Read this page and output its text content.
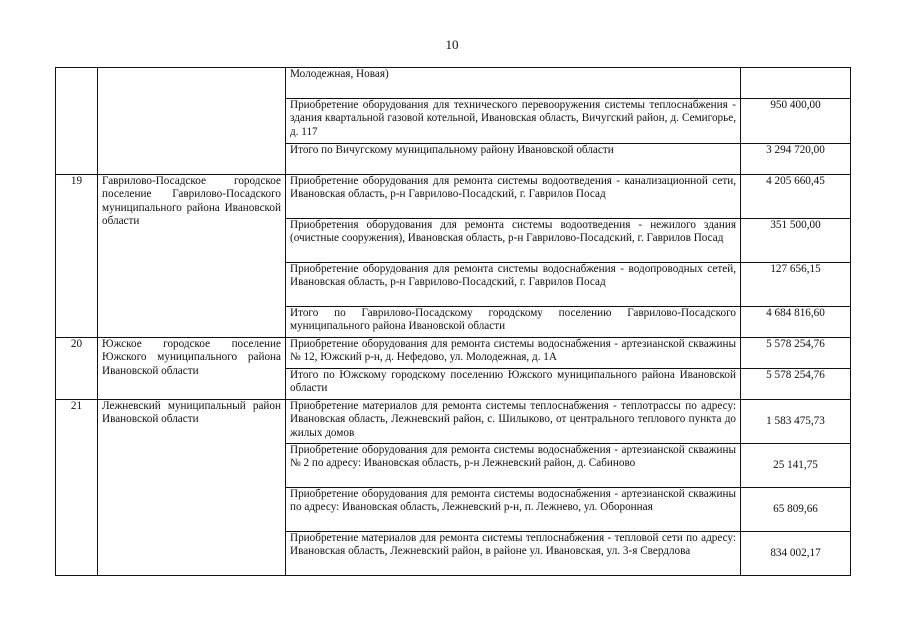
10
		Молодежная, Новая)	
		Приобретение оборудования для технического перевооружения системы теплоснабжения - здания квартальной газовой котельной, Ивановская область, Вичугский район, д. Семигорье, д. 117	950 400,00
		Итого по Вичугскому муниципальному району Ивановской области	3 294 720,00
19	Гаврилово-Посадское городское поселение Гаврилово-Посадского муниципального района Ивановской области	Приобретение оборудования для ремонта системы водоотведения - канализационной сети, Ивановская область, р-н Гаврилово-Посадский, г. Гаврилов Посад	4 205 660,45
		Приобретения оборудования для ремонта системы водоотведения - нежилого здания (очистные сооружения), Ивановская область, р-н Гаврилово-Посадский, г. Гаврилов Посад	351 500,00
		Приобретение оборудования для ремонта системы водоснабжения - водопроводных сетей, Ивановская область, р-н Гаврилово-Посадский, г. Гаврилов Посад	127 656,15
		Итого по Гаврилово-Посадскому городскому поселению Гаврилово-Посадского муниципального района Ивановской области	4 684 816,60
20	Южское городское поселение Южского муниципального района Ивановской области	Приобретение оборудования для ремонта системы водоснабжения - артезианской скважины № 12, Южский р-н, д. Нефедово, ул. Молодежная, д. 1А	5 578 254,76
		Итого по Южскому городскому поселению Южского муниципального района Ивановской области	5 578 254,76
21	Лежневский муниципальный район Ивановской области	Приобретение материалов для ремонта системы теплоснабжения - теплотрассы по адресу: Ивановская область, Лежневский район, с. Шилыково, от центрального теплового пункта до жилых домов	1 583 475,73
		Приобретение оборудования для ремонта системы водоснабжения - артезианской скважины № 2 по адресу: Ивановская область, р-н Лежневский район, д. Сабиново	25 141,75
		Приобретение оборудования для ремонта системы водоснабжения - артезианской скважины по адресу: Ивановская область, Лежневский р-н, п. Лежнево, ул. Оборонная	65 809,66
		Приобретение материалов для ремонта системы теплоснабжения - тепловой сети по адресу: Ивановская область, Лежневский район, в районе ул. Ивановская, ул. 3-я Свердлова	834 002,17
